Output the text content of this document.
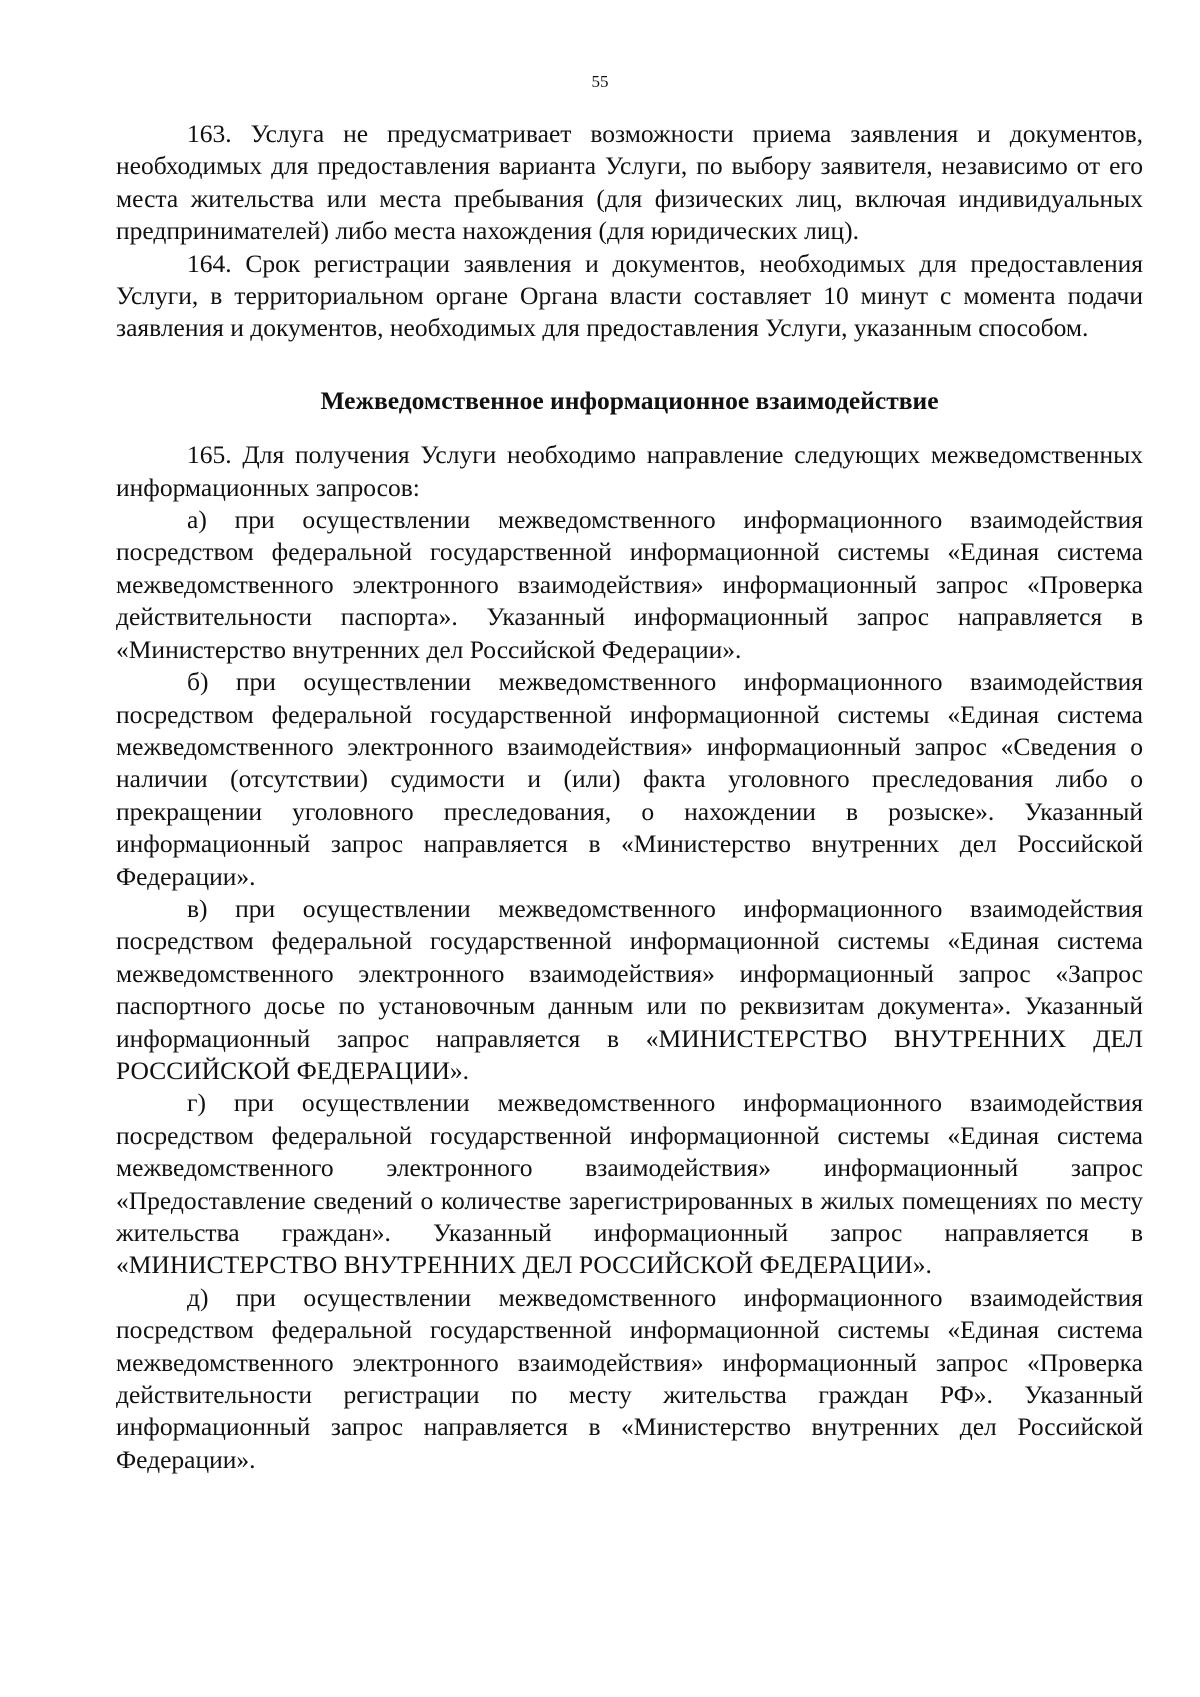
55

163. Услуга не предусматривает возможности приема заявления и документов, необходимых для предоставления варианта Услуги, по выбору заявителя, независимо от его места жительства или места пребывания (для физических лиц, включая индивидуальных предпринимателей) либо места нахождения (для юридических лиц).

164. Срок регистрации заявления и документов, необходимых для предоставления Услуги, в территориальном органе Органа власти составляет 10 минут с момента подачи заявления и документов, необходимых для предоставления Услуги, указанным способом.

Межведомственное информационное взаимодействие

165. Для получения Услуги необходимо направление следующих межведомственных информационных запросов:

а) при осуществлении межведомственного информационного взаимодействия посредством федеральной государственной информационной системы «Единая система межведомственного электронного взаимодействия» информационный запрос «Проверка действительности паспорта». Указанный информационный запрос направляется в «Министерство внутренних дел Российской Федерации».

б) при осуществлении межведомственного информационного взаимодействия посредством федеральной государственной информационной системы «Единая система межведомственного электронного взаимодействия» информационный запрос «Сведения о наличии (отсутствии) судимости и (или) факта уголовного преследования либо о прекращении уголовного преследования, о нахождении в розыске». Указанный информационный запрос направляется в «Министерство внутренних дел Российской Федерации».

в) при осуществлении межведомственного информационного взаимодействия посредством федеральной государственной информационной системы «Единая система межведомственного электронного взаимодействия» информационный запрос «Запрос паспортного досье по установочным данным или по реквизитам документа». Указанный информационный запрос направляется в «МИНИСТЕРСТВО ВНУТРЕННИХ ДЕЛ РОССИЙСКОЙ ФЕДЕРАЦИИ».

г) при осуществлении межведомственного информационного взаимодействия посредством федеральной государственной информационной системы «Единая система межведомственного электронного взаимодействия» информационный запрос «Предоставление сведений о количестве зарегистрированных в жилых помещениях по месту жительства граждан». Указанный информационный запрос направляется в «МИНИСТЕРСТВО ВНУТРЕННИХ ДЕЛ РОССИЙСКОЙ ФЕДЕРАЦИИ».

д) при осуществлении межведомственного информационного взаимодействия посредством федеральной государственной информационной системы «Единая система межведомственного электронного взаимодействия» информационный запрос «Проверка действительности регистрации по месту жительства граждан РФ». Указанный информационный запрос направляется в «Министерство внутренних дел Российской Федерации».
